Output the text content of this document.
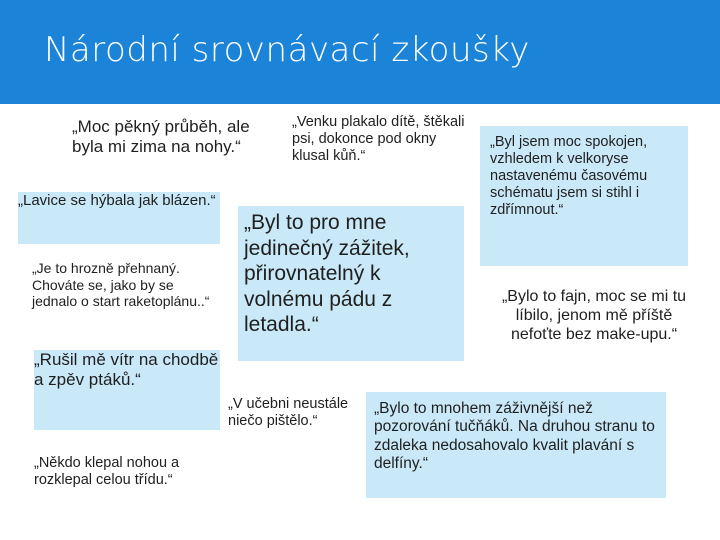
Národní srovnávací zkoušky

„Moc pěkný průběh, ale byla mi zima na nohy.“

„Venku plakalo dítě, štěkali psi, dokonce pod okny klusal kůň.“

„Lavice se hýbala jak blázen.“

„Je to hrozně přehnaný. Chováte se, jako by se jednalo o start raketoplánu..“

„Rušil mě vítr na chodbě a zpěv ptáků.“

„Někdo klepal nohou a rozklepal celou třídu.“

„Byl to pro mne jedinečný zážitek, přirovnatelný k volnému pádu z letadla.“

„Byl jsem moc spokojen, vzhledem k velkoryse nastavenému časovému schématu jsem si stihl i zdřímnout.“

„Bylo to fajn, moc se mi tu líbilo, jenom mě příště nefoťte bez make-upu.“

„V učebni neustále niečo pištělo.“

„Bylo to mnohem záživnější než pozorování tučňáků. Na druhou stranu to zdaleka nedosahovalo kvalit plavání s delfíny.“
